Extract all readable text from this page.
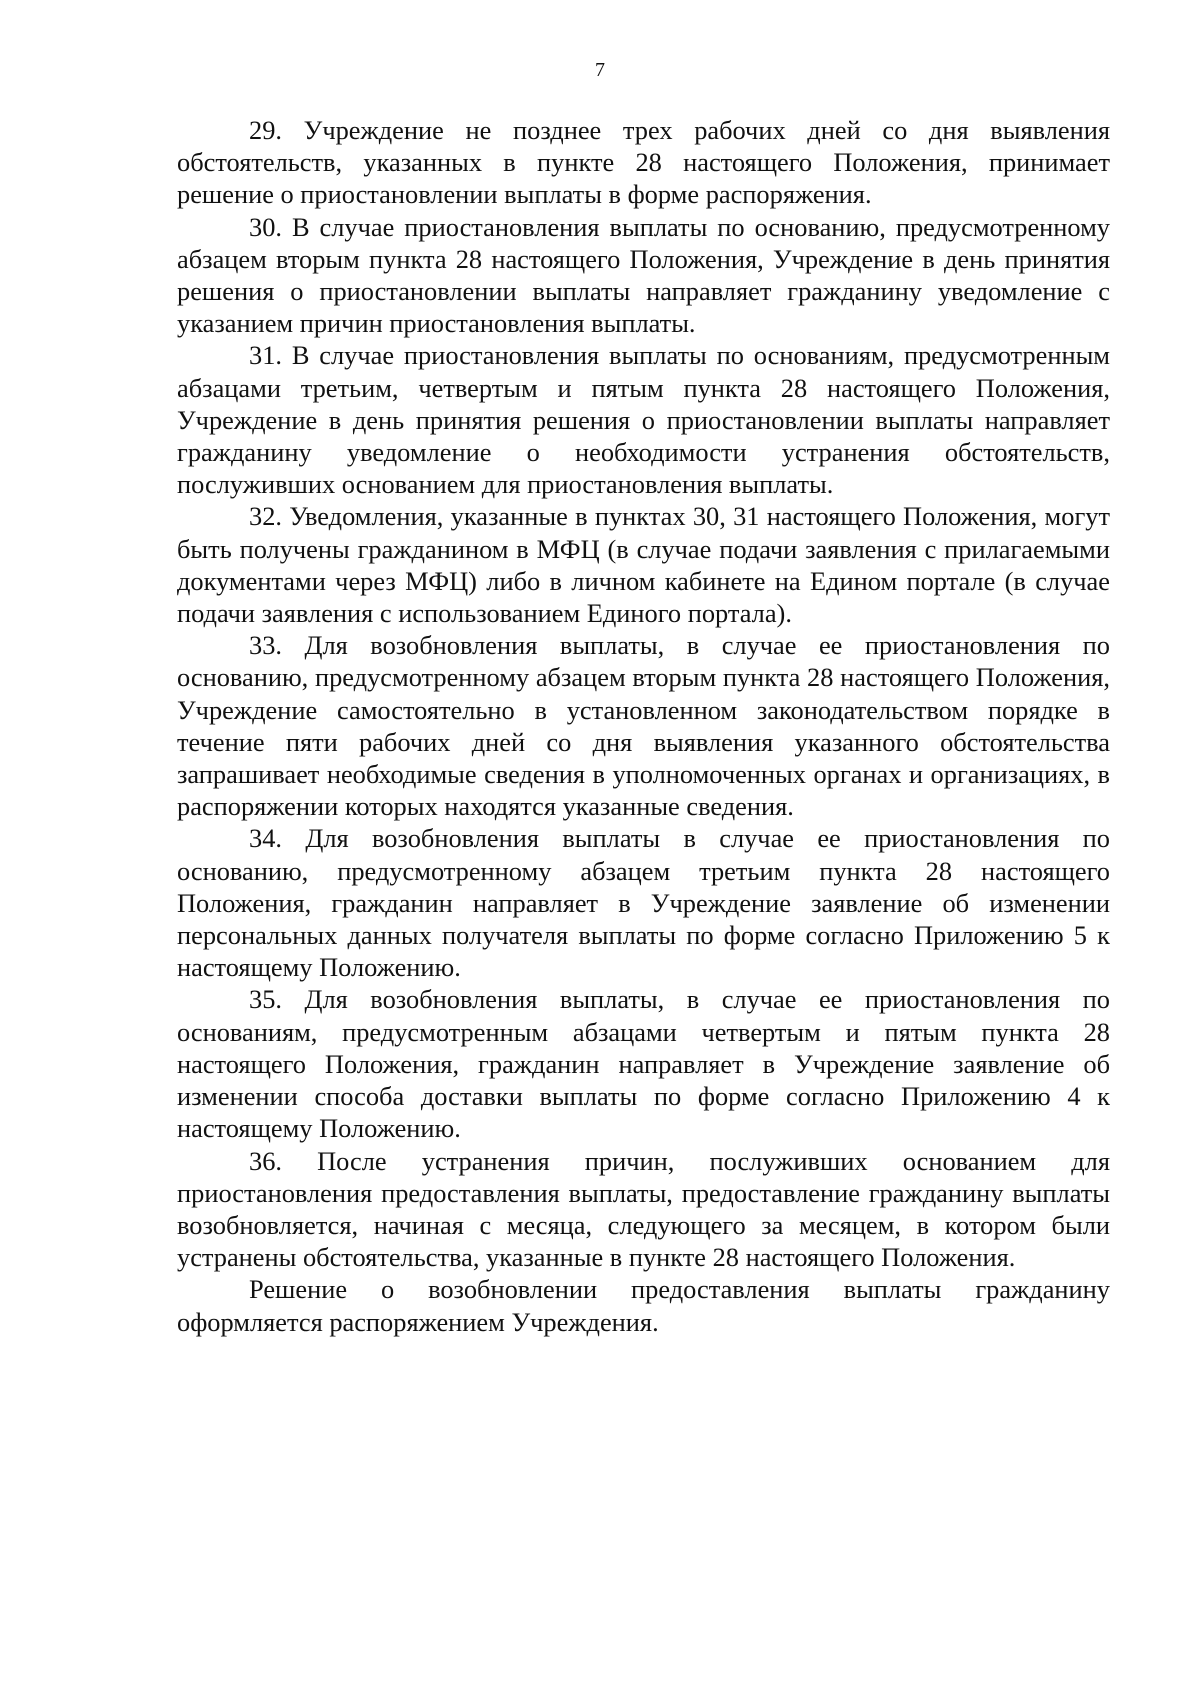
7

29. Учреждение не позднее трех рабочих дней со дня выявления обстоятельств, указанных в пункте 28 настоящего Положения, принимает решение о приостановлении выплаты в форме распоряжения.

30. В случае приостановления выплаты по основанию, предусмотренному абзацем вторым пункта 28 настоящего Положения, Учреждение в день принятия решения о приостановлении выплаты направляет гражданину уведомление с указанием причин приостановления выплаты.

31. В случае приостановления выплаты по основаниям, предусмотренным абзацами третьим, четвертым и пятым пункта 28 настоящего Положения, Учреждение в день принятия решения о приостановлении выплаты направляет гражданину уведомление о необходимости устранения обстоятельств, послуживших основанием для приостановления выплаты.

32. Уведомления, указанные в пунктах 30, 31 настоящего Положения, могут быть получены гражданином в МФЦ (в случае подачи заявления с прилагаемыми документами через МФЦ) либо в личном кабинете на Едином портале (в случае подачи заявления с использованием Единого портала).

33. Для возобновления выплаты, в случае ее приостановления по основанию, предусмотренному абзацем вторым пункта 28 настоящего Положения, Учреждение самостоятельно в установленном законодательством порядке в течение пяти рабочих дней со дня выявления указанного обстоятельства запрашивает необходимые сведения в уполномоченных органах и организациях, в распоряжении которых находятся указанные сведения.

34. Для возобновления выплаты в случае ее приостановления по основанию, предусмотренному абзацем третьим пункта 28 настоящего Положения, гражданин направляет в Учреждение заявление об изменении персональных данных получателя выплаты по форме согласно Приложению 5 к настоящему Положению.

35. Для возобновления выплаты, в случае ее приостановления по основаниям, предусмотренным абзацами четвертым и пятым пункта 28 настоящего Положения, гражданин направляет в Учреждение заявление об изменении способа доставки выплаты по форме согласно Приложению 4 к настоящему Положению.

36. После устранения причин, послуживших основанием для приостановления предоставления выплаты, предоставление гражданину выплаты возобновляется, начиная с месяца, следующего за месяцем, в котором были устранены обстоятельства, указанные в пункте 28 настоящего Положения.

Решение о возобновлении предоставления выплаты гражданину оформляется распоряжением Учреждения.
